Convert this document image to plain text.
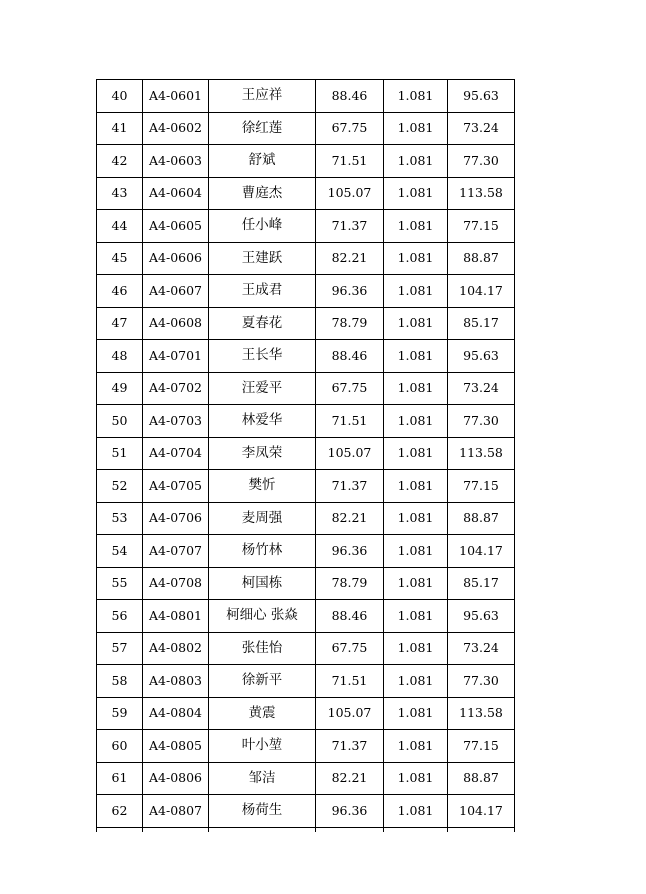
40	A4-0601	王应祥	88.46	1.081	95.63
41	A4-0602	徐红莲	67.75	1.081	73.24
42	A4-0603	舒斌	71.51	1.081	77.30
43	A4-0604	曹庭杰	105.07	1.081	113.58
44	A4-0605	任小峰	71.37	1.081	77.15
45	A4-0606	王建跃	82.21	1.081	88.87
46	A4-0607	王成君	96.36	1.081	104.17
47	A4-0608	夏春花	78.79	1.081	85.17
48	A4-0701	王长华	88.46	1.081	95.63
49	A4-0702	汪爱平	67.75	1.081	73.24
50	A4-0703	林爱华	71.51	1.081	77.30
51	A4-0704	李凤荣	105.07	1.081	113.58
52	A4-0705	樊忻	71.37	1.081	77.15
53	A4-0706	麦周强	82.21	1.081	88.87
54	A4-0707	杨竹林	96.36	1.081	104.17
55	A4-0708	柯国栋	78.79	1.081	85.17
56	A4-0801	柯细心 张焱	88.46	1.081	95.63
57	A4-0802	张佳怡	67.75	1.081	73.24
58	A4-0803	徐新平	71.51	1.081	77.30
59	A4-0804	黄震	105.07	1.081	113.58
60	A4-0805	叶小堃	71.37	1.081	77.15
61	A4-0806	邹洁	82.21	1.081	88.87
62	A4-0807	杨荷生	96.36	1.081	104.17
